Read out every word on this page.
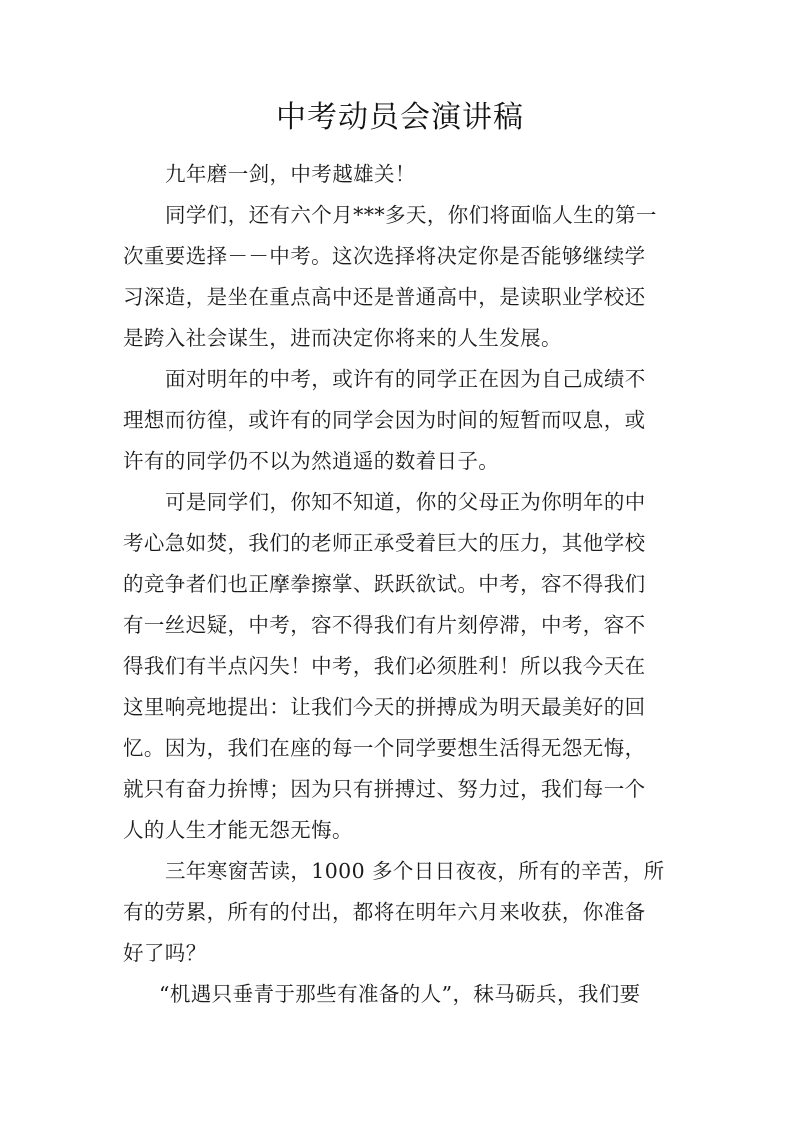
中考动员会演讲稿
九年磨一剑，中考越雄关！
同学们，还有六个月***多天，你们将面临人生的第一
次重要选择－－中考。这次选择将决定你是否能够继续学
习深造，是坐在重点高中还是普通高中，是读职业学校还
是跨入社会谋生，进而决定你将来的人生发展。
面对明年的中考，或许有的同学正在因为自己成绩不
理想而彷徨，或许有的同学会因为时间的短暂而叹息，或
许有的同学仍不以为然逍遥的数着日子。
可是同学们，你知不知道，你的父母正为你明年的中
考心急如焚，我们的老师正承受着巨大的压力，其他学校
的竞争者们也正摩拳擦掌、跃跃欲试。中考，容不得我们
有一丝迟疑，中考，容不得我们有片刻停滞，中考，容不
得我们有半点闪失！中考，我们必须胜利！所以我今天在
这里响亮地提出：让我们今天的拼搏成为明天最美好的回
忆。因为，我们在座的每一个同学要想生活得无怨无悔，
就只有奋力拚博；因为只有拼搏过、努力过，我们每一个
人的人生才能无怨无悔。
三年寒窗苦读，1000 多个日日夜夜，所有的辛苦，所
有的劳累，所有的付出，都将在明年六月来收获，你准备
好了吗？
“机遇只垂青于那些有准备的人”，秣马砺兵，我们要
